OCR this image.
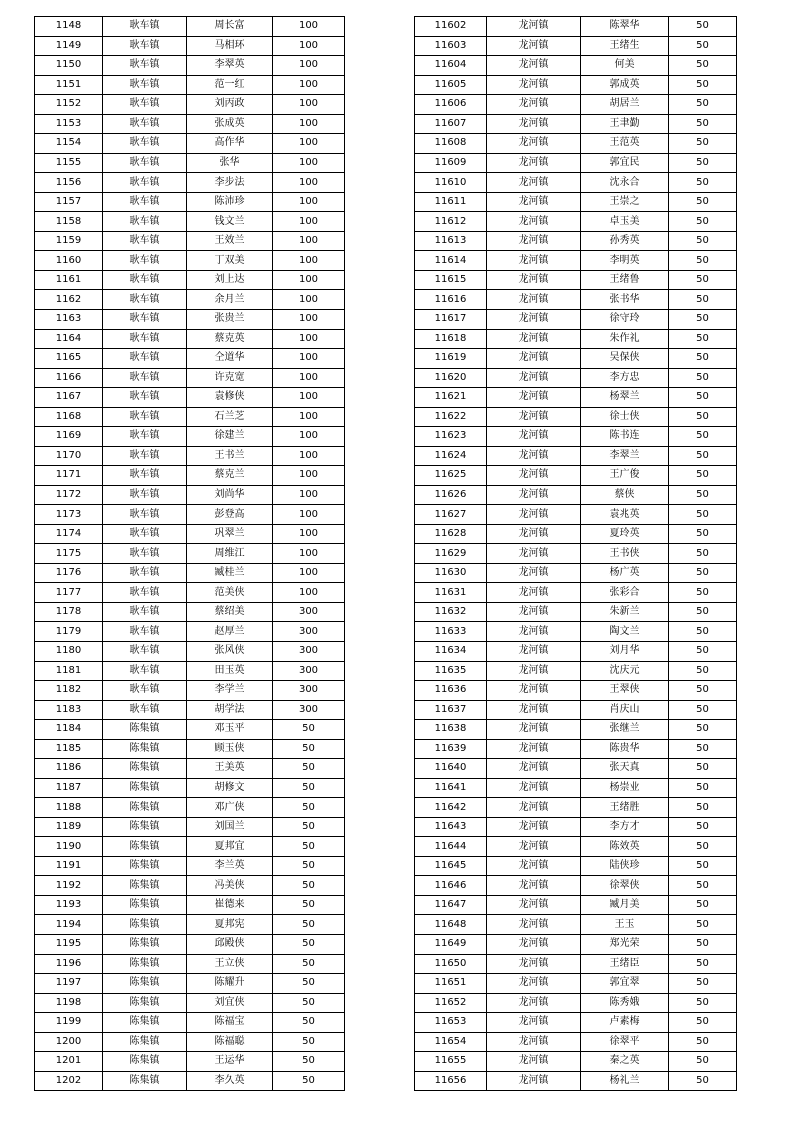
1148	耿车镇	周长富	100
1149	耿车镇	马相环	100
1150	耿车镇	李翠英	100
1151	耿车镇	范一红	100
1152	耿车镇	刘丙政	100
1153	耿车镇	张成英	100
1154	耿车镇	高作华	100
1155	耿车镇	张华	100
1156	耿车镇	李步法	100
1157	耿车镇	陈沛珍	100
1158	耿车镇	钱文兰	100
1159	耿车镇	王效兰	100
1160	耿车镇	丁双美	100
1161	耿车镇	刘上达	100
1162	耿车镇	余月兰	100
1163	耿车镇	张贵兰	100
1164	耿车镇	蔡克英	100
1165	耿车镇	仝道华	100
1166	耿车镇	许克宽	100
1167	耿车镇	袁修侠	100
1168	耿车镇	石兰芝	100
1169	耿车镇	徐建兰	100
1170	耿车镇	王书兰	100
1171	耿车镇	蔡克兰	100
1172	耿车镇	刘尚华	100
1173	耿车镇	彭登高	100
1174	耿车镇	巩翠兰	100
1175	耿车镇	周维江	100
1176	耿车镇	臧桂兰	100
1177	耿车镇	范美侠	100
1178	耿车镇	蔡绍美	300
1179	耿车镇	赵厚兰	300
1180	耿车镇	张风侠	300
1181	耿车镇	田玉英	300
1182	耿车镇	李学兰	300
1183	耿车镇	胡学法	300
1184	陈集镇	邓玉平	50
1185	陈集镇	顾玉侠	50
1186	陈集镇	王美英	50
1187	陈集镇	胡修文	50
1188	陈集镇	邓广侠	50
1189	陈集镇	刘国兰	50
1190	陈集镇	夏邦宜	50
1191	陈集镇	李兰英	50
1192	陈集镇	冯美侠	50
1193	陈集镇	崔德来	50
1194	陈集镇	夏邦宪	50
1195	陈集镇	邱殿侠	50
1196	陈集镇	王立侠	50
1197	陈集镇	陈耀升	50
1198	陈集镇	刘宜侠	50
1199	陈集镇	陈福宝	50
1200	陈集镇	陈福聪	50
1201	陈集镇	王运华	50
1202	陈集镇	李久英	50
11602	龙河镇	陈翠华	50
11603	龙河镇	王绪生	50
11604	龙河镇	何美	50
11605	龙河镇	郭成英	50
11606	龙河镇	胡居兰	50
11607	龙河镇	王聿勤	50
11608	龙河镇	王范英	50
11609	龙河镇	郭宜民	50
11610	龙河镇	沈永合	50
11611	龙河镇	王崇之	50
11612	龙河镇	卓玉美	50
11613	龙河镇	孙秀英	50
11614	龙河镇	李明英	50
11615	龙河镇	王绪鲁	50
11616	龙河镇	张书华	50
11617	龙河镇	徐守玲	50
11618	龙河镇	朱作礼	50
11619	龙河镇	吴保侠	50
11620	龙河镇	李方忠	50
11621	龙河镇	杨翠兰	50
11622	龙河镇	徐士侠	50
11623	龙河镇	陈书连	50
11624	龙河镇	李翠兰	50
11625	龙河镇	王广俊	50
11626	龙河镇	蔡侠	50
11627	龙河镇	袁兆英	50
11628	龙河镇	夏玲英	50
11629	龙河镇	王书侠	50
11630	龙河镇	杨广英	50
11631	龙河镇	张彩合	50
11632	龙河镇	朱新兰	50
11633	龙河镇	陶文兰	50
11634	龙河镇	刘月华	50
11635	龙河镇	沈庆元	50
11636	龙河镇	王翠侠	50
11637	龙河镇	肖庆山	50
11638	龙河镇	张继兰	50
11639	龙河镇	陈贵华	50
11640	龙河镇	张天真	50
11641	龙河镇	杨崇业	50
11642	龙河镇	王绪胜	50
11643	龙河镇	李方才	50
11644	龙河镇	陈效英	50
11645	龙河镇	陆侠珍	50
11646	龙河镇	徐翠侠	50
11647	龙河镇	臧月美	50
11648	龙河镇	王玉	50
11649	龙河镇	郑光荣	50
11650	龙河镇	王绪臣	50
11651	龙河镇	郭宜翠	50
11652	龙河镇	陈秀娥	50
11653	龙河镇	卢素梅	50
11654	龙河镇	徐翠平	50
11655	龙河镇	秦之英	50
11656	龙河镇	杨礼兰	50
